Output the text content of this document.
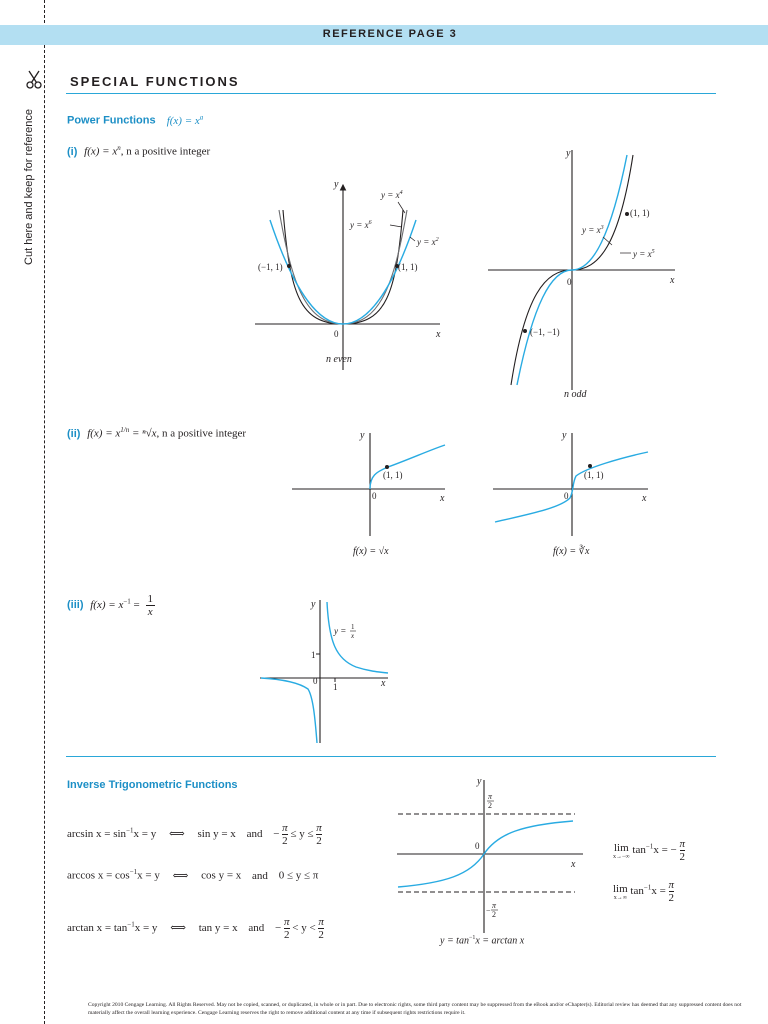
Cut here and keep for reference
REFERENCE PAGE 3
SPECIAL FUNCTIONS
Power Functions $f(x) = x^a$
(i) $f(x) = x^n$, n a positive integer
(−1, 1)	(1, 1)
y
x
0
$y = x^4$
$y = x^6$
$y = x^2$
n even
(1, 1)
(−1, −1)
y
x
0
$y = x^3$
$y = x^5$
n odd
(ii) $f(x) = x^{1/n} = ^n√x$, n a positive integer
(1, 1)
y
x
0
f(x) = √x
(1, 1)
y
x
0
f(x) = ∛x
(iii) $f(x) = x^{-1} = \frac{1}{x}$
1
1
y
x
0
y = 1
x
Inverse Trigonometric Functions
$\arcsin x = \sin^{-1}x = y$ ⟺ sin y = x and − $\frac{\pi}{2} \le y \le \frac{\pi}{2}$
$\arccos x = \cos^{-1}x = y$ ⟺ cos y = x and 0 ≤ y ≤ π
$\arctan x = \tan^{-1}x = y$ ⟺ tan y = x and − $\frac{\pi}{2} < y < \frac{\pi}{2}$
y
x
0
π
2
−
π
2
$y = \tan^{-1}x = \arctan x$
lim
x→−∞
$\tan^{-1}x$ = − $\frac{\pi}{2}$
lim
x→∞
$\tan^{-1}x = \frac{\pi}{2}$
Copyright 2010 Cengage Learning. All Rights Reserved. May not be copied, scanned, or duplicated, in whole or in part. Due to electronic rights, some third party content may be suppressed from the eBook and/or eChapter(s). Editorial review has deemed that any suppressed content does not materially affect the overall learning experience. Cengage Learning reserves the right to remove additional content at any time if subsequent rights restrictions require it.
